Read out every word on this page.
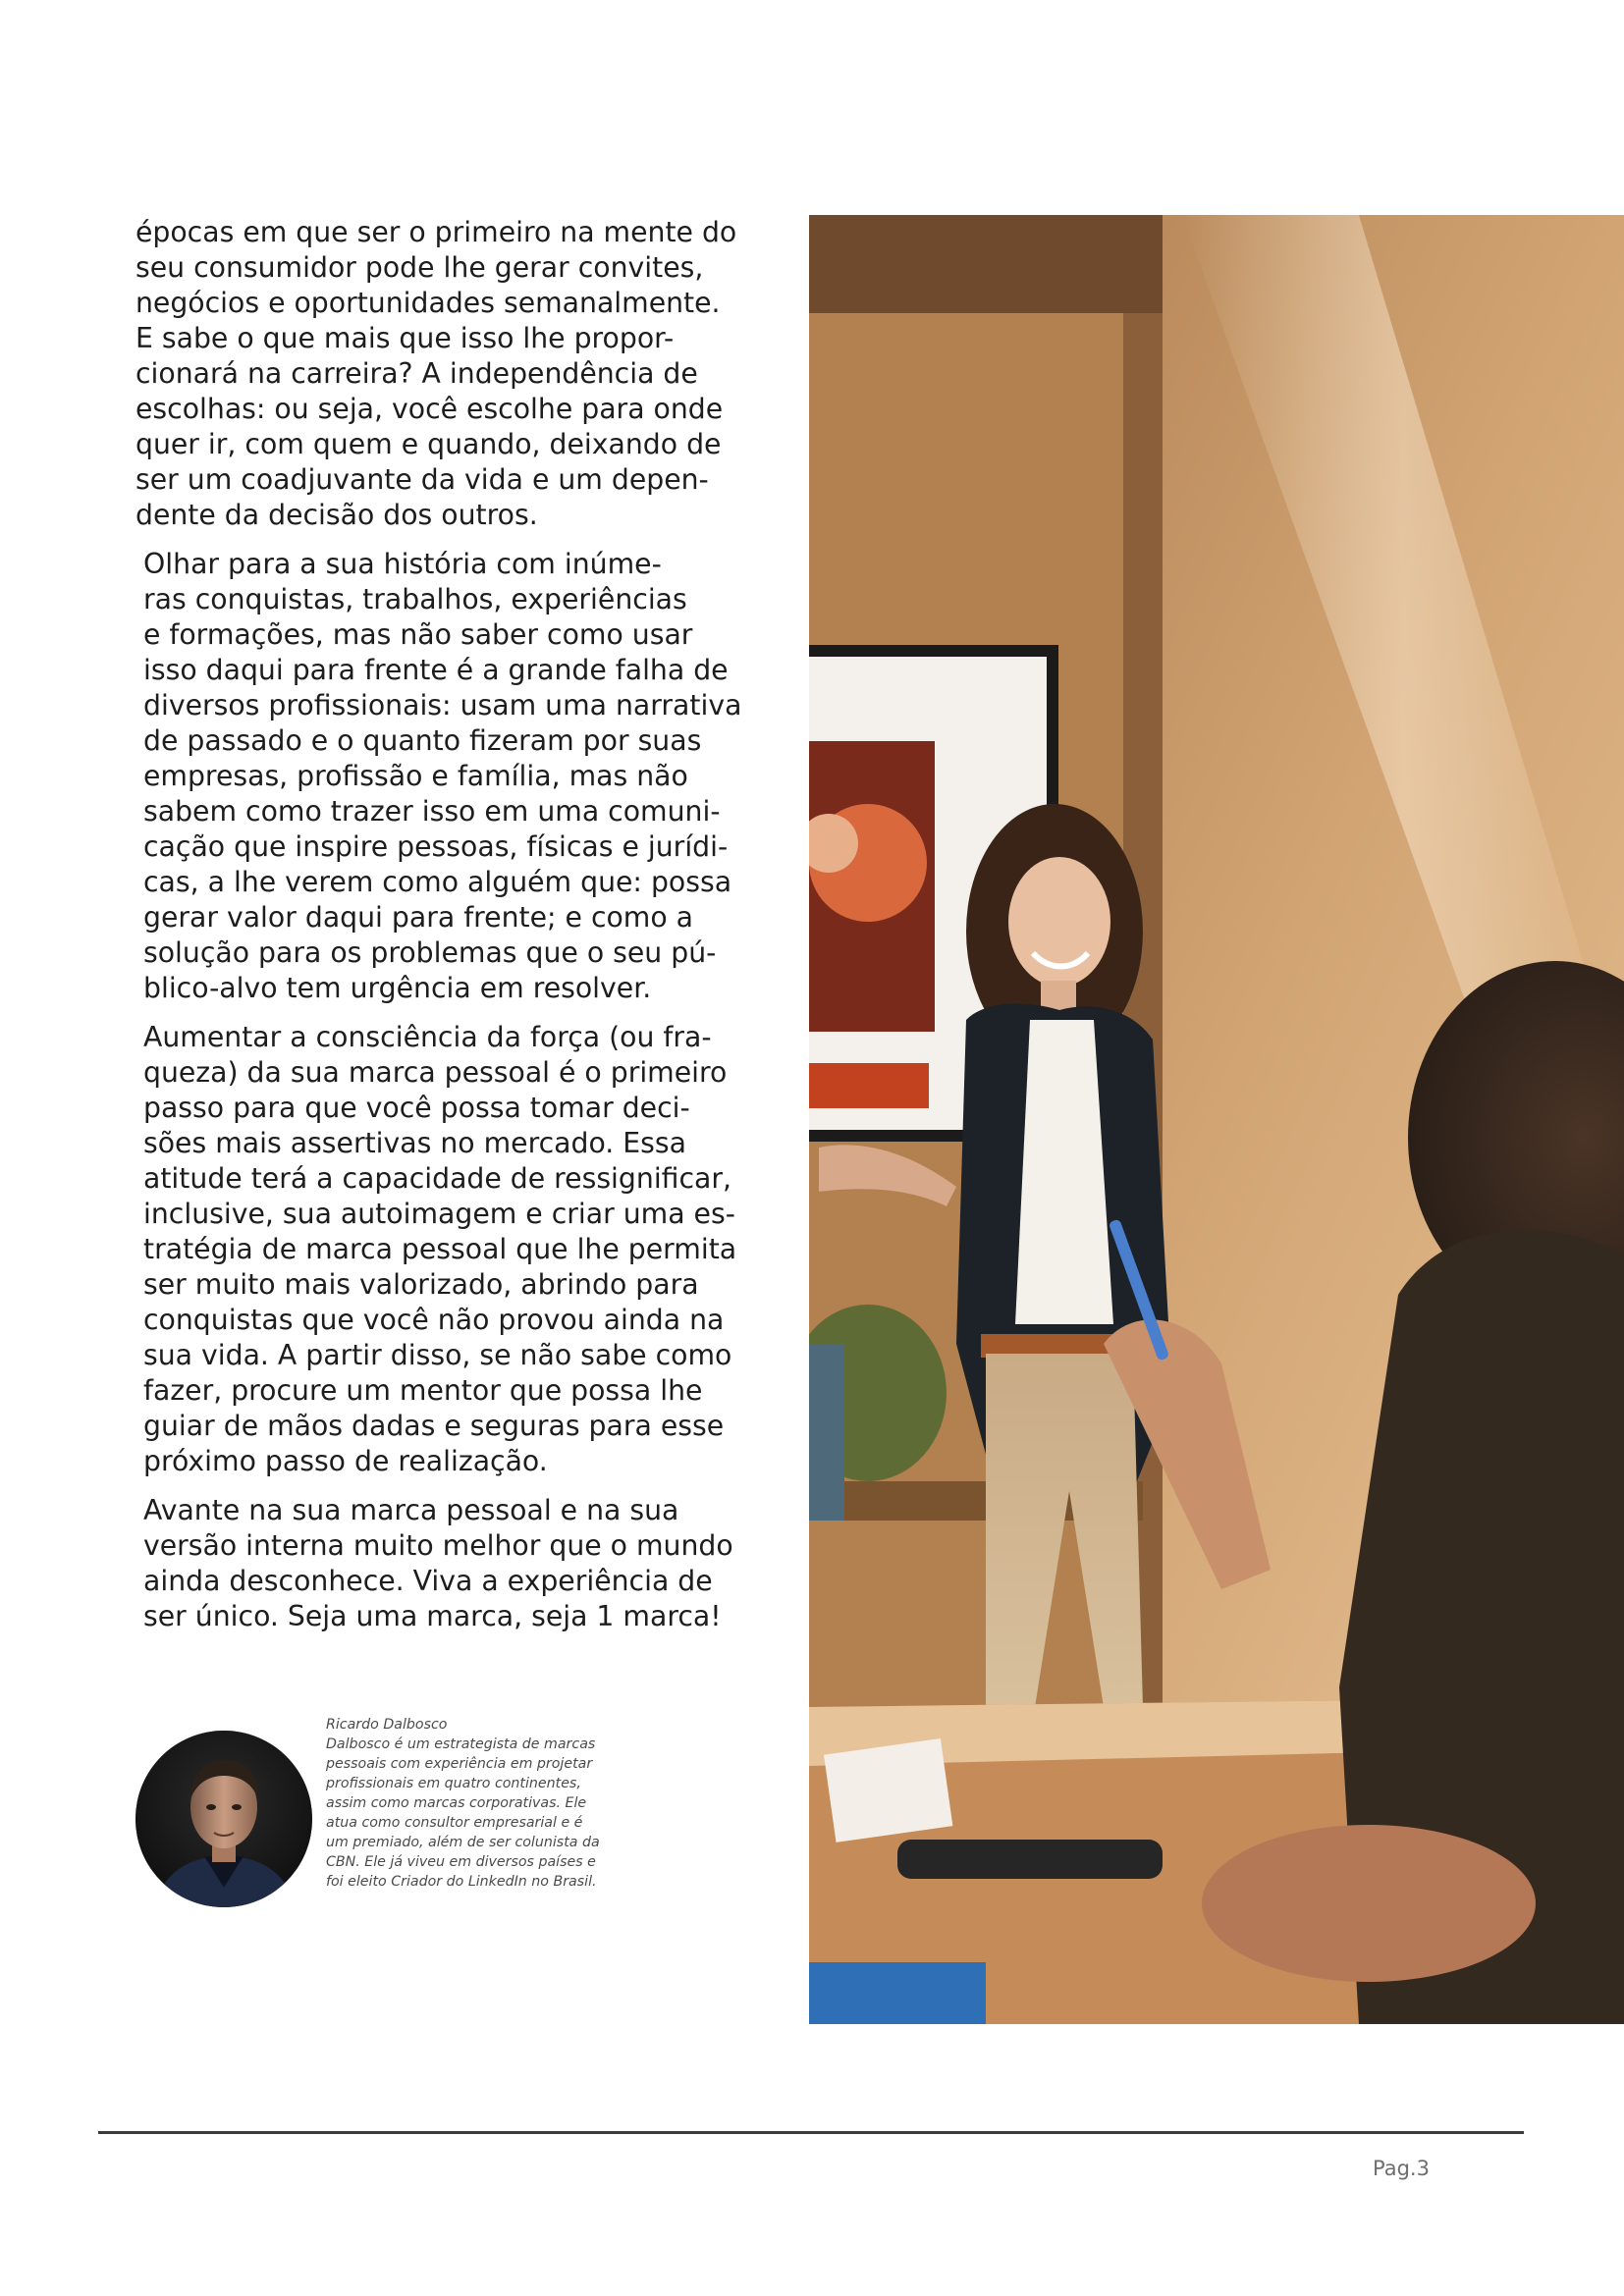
épocas em que ser o primeiro na mente do
seu consumidor pode lhe gerar convites,
negócios e oportunidades semanalmente.
E sabe o que mais que isso lhe propor-
cionará na carreira? A independência de
escolhas: ou seja, você escolhe para onde
quer ir, com quem e quando, deixando de
ser um coadjuvante da vida e um depen-
dente da decisão dos outros.

Olhar para a sua história com inúme-
ras conquistas, trabalhos, experiências
e formações, mas não saber como usar
isso daqui para frente é a grande falha de
diversos profissionais: usam uma narrativa
de passado e o quanto fizeram por suas
empresas, profissão e família, mas não
sabem como trazer isso em uma comuni-
cação que inspire pessoas, físicas e jurídi-
cas, a lhe verem como alguém que: possa
gerar valor daqui para frente; e como a
solução para os problemas que o seu pú-
blico-alvo tem urgência em resolver.

Aumentar a consciência da força (ou fra-
queza) da sua marca pessoal é o primeiro
passo para que você possa tomar deci-
sões mais assertivas no mercado. Essa
atitude terá a capacidade de ressignificar,
inclusive, sua autoimagem e criar uma es-
tratégia de marca pessoal que lhe permita
ser muito mais valorizado, abrindo para
conquistas que você não provou ainda na
sua vida. A partir disso, se não sabe como
fazer, procure um mentor que possa lhe
guiar de mãos dadas e seguras para esse
próximo passo de realização.

Avante na sua marca pessoal e na sua
versão interna muito melhor que o mundo
ainda desconhece. Viva a experiência de
ser único. Seja uma marca, seja 1 marca!

Ricardo Dalbosco
Dalbosco é um estrategista de marcas
pessoais com experiência em projetar
profissionais em quatro continentes,
assim como marcas corporativas. Ele
atua como consultor empresarial e é
um premiado, além de ser colunista da
CBN. Ele já viveu em diversos países e
foi eleito Criador do LinkedIn no Brasil.
Pag.3
